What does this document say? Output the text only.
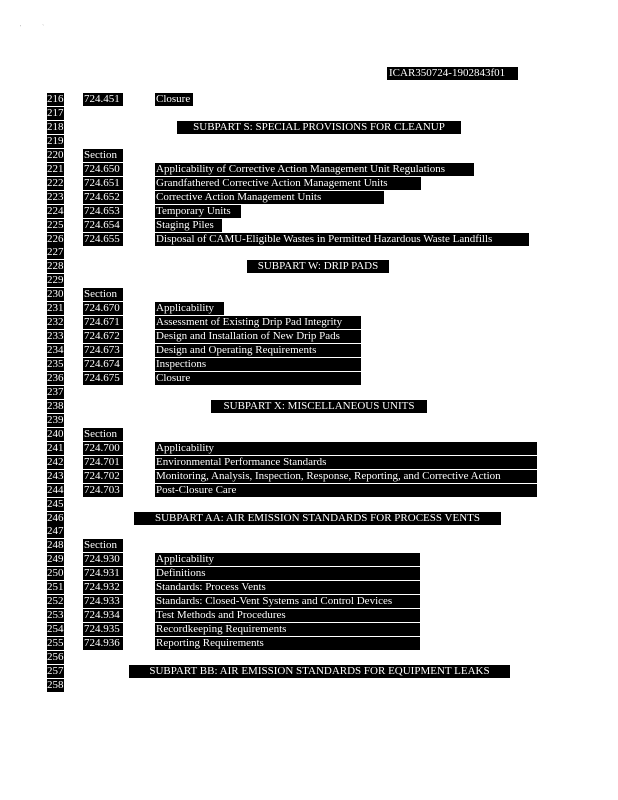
'              `
ICAR350724-1902843f01
216 724.451	Closure
217
218	SUBPART S: SPECIAL PROVISIONS FOR CLEANUP
219
220 Section
221 724.650	Applicability of Corrective Action Management Unit Regulations
222 724.651	Grandfathered Corrective Action Management Units
223 724.652	Corrective Action Management Units
224 724.653	Temporary Units
225 724.654	Staging Piles
226 724.655	Disposal of CAMU-Eligible Wastes in Permitted Hazardous Waste Landfills
227
228	SUBPART W: DRIP PADS
229
230 Section
231 724.670	Applicability
232 724.671	Assessment of Existing Drip Pad Integrity
233 724.672	Design and Installation of New Drip Pads
234 724.673	Design and Operating Requirements
235 724.674	Inspections
236 724.675	Closure
237
238	SUBPART X: MISCELLANEOUS UNITS
239
240 Section
241 724.700	Applicability
242 724.701	Environmental Performance Standards
243 724.702	Monitoring, Analysis, Inspection, Response, Reporting, and Corrective Action
244 724.703	Post-Closure Care
245
246	SUBPART AA: AIR EMISSION STANDARDS FOR PROCESS VENTS
247
248 Section
249 724.930	Applicability
250 724.931	Definitions
251 724.932	Standards: Process Vents
252 724.933	Standards: Closed-Vent Systems and Control Devices
253 724.934	Test Methods and Procedures
254 724.935	Recordkeeping Requirements
255 724.936	Reporting Requirements
256
257	SUBPART BB: AIR EMISSION STANDARDS FOR EQUIPMENT LEAKS
258
